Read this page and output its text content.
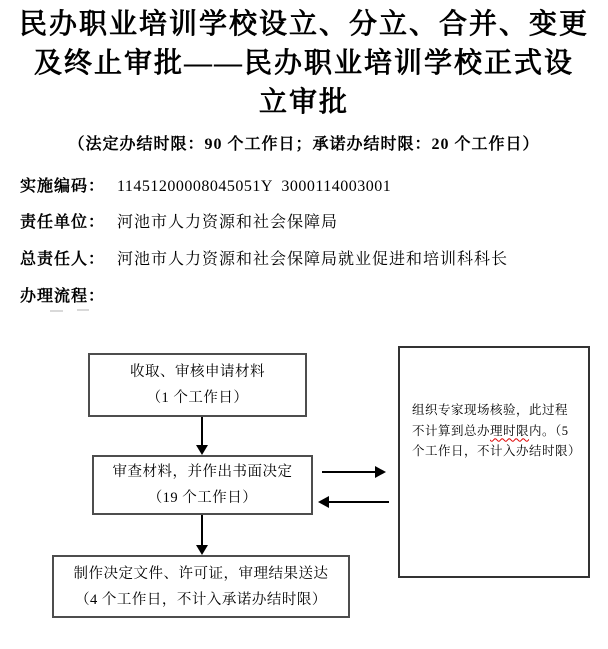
民办职业培训学校设立、分立、合并、变更
及终止审批——民办职业培训学校正式设
立审批
（法定办结时限：90 个工作日；承诺办结时限：20 个工作日）
实施编码： 11451200008045051Y  3000114003001
责任单位： 河池市人力资源和社会保障局
总责任人： 河池市人力资源和社会保障局就业促进和培训科科长
办理流程：
收取、审核申请材料
（1 个工作日）
审查材料，并作出书面决定
（19 个工作日）
制作决定文件、许可证，审理结果送达
（4 个工作日，不计入承诺办结时限）
组织专家现场核验，此过程不计算到总办理时限内。（5 个工作日，不计入办结时限）
